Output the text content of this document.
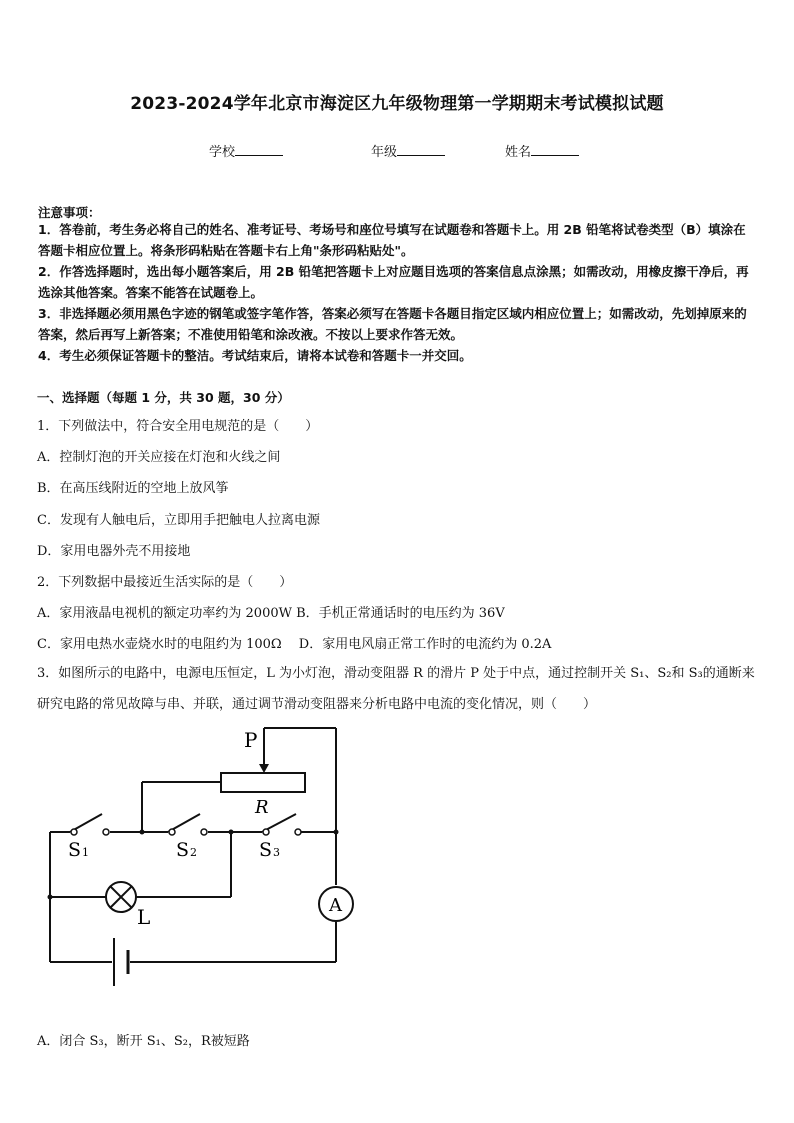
2023-2024学年北京市海淀区九年级物理第一学期期末考试模拟试题
学校	年级	姓名
注意事项：
1．答卷前，考生务必将自己的姓名、准考证号、考场号和座位号填写在试题卷和答题卡上。用 2B 铅笔将试卷类型（B）填涂在答题卡相应位置上。将条形码粘贴在答题卡右上角"条形码粘贴处"。
2．作答选择题时，选出每小题答案后，用 2B 铅笔把答题卡上对应题目选项的答案信息点涂黑；如需改动，用橡皮擦干净后，再选涂其他答案。答案不能答在试题卷上。
3．非选择题必须用黑色字迹的钢笔或签字笔作答，答案必须写在答题卡各题目指定区域内相应位置上；如需改动，先划掉原来的答案，然后再写上新答案；不准使用铅笔和涂改液。不按以上要求作答无效。
4．考生必须保证答题卡的整洁。考试结束后，请将本试卷和答题卡一并交回。
一、选择题（每题 1 分，共 30 题，30 分）
1．下列做法中，符合安全用电规范的是（　　）
A．控制灯泡的开关应接在灯泡和火线之间
B．在高压线附近的空地上放风筝
C．发现有人触电后，立即用手把触电人拉离电源
D．家用电器外壳不用接地
2．下列数据中最接近生活实际的是（　　）
A．家用液晶电视机的额定功率约为 2000W B．手机正常通话时的电压约为 36V
C．家用电热水壶烧水时的电阻约为 100Ω　 D．家用电风扇正常工作时的电流约为 0.2A
3．如图所示的电路中，电源电压恒定，L 为小灯泡，滑动变阻器 R 的滑片 P 处于中点，通过控制开关 S₁、S₂和 S₃的通断来研究电路的常见故障与串、并联，通过调节滑动变阻器来分析电路中电流的变化情况，则（　　）
P
R
S 1	S 2	S 3
L	A
A．闭合 S₃，断开 S₁、S₂，R被短路
